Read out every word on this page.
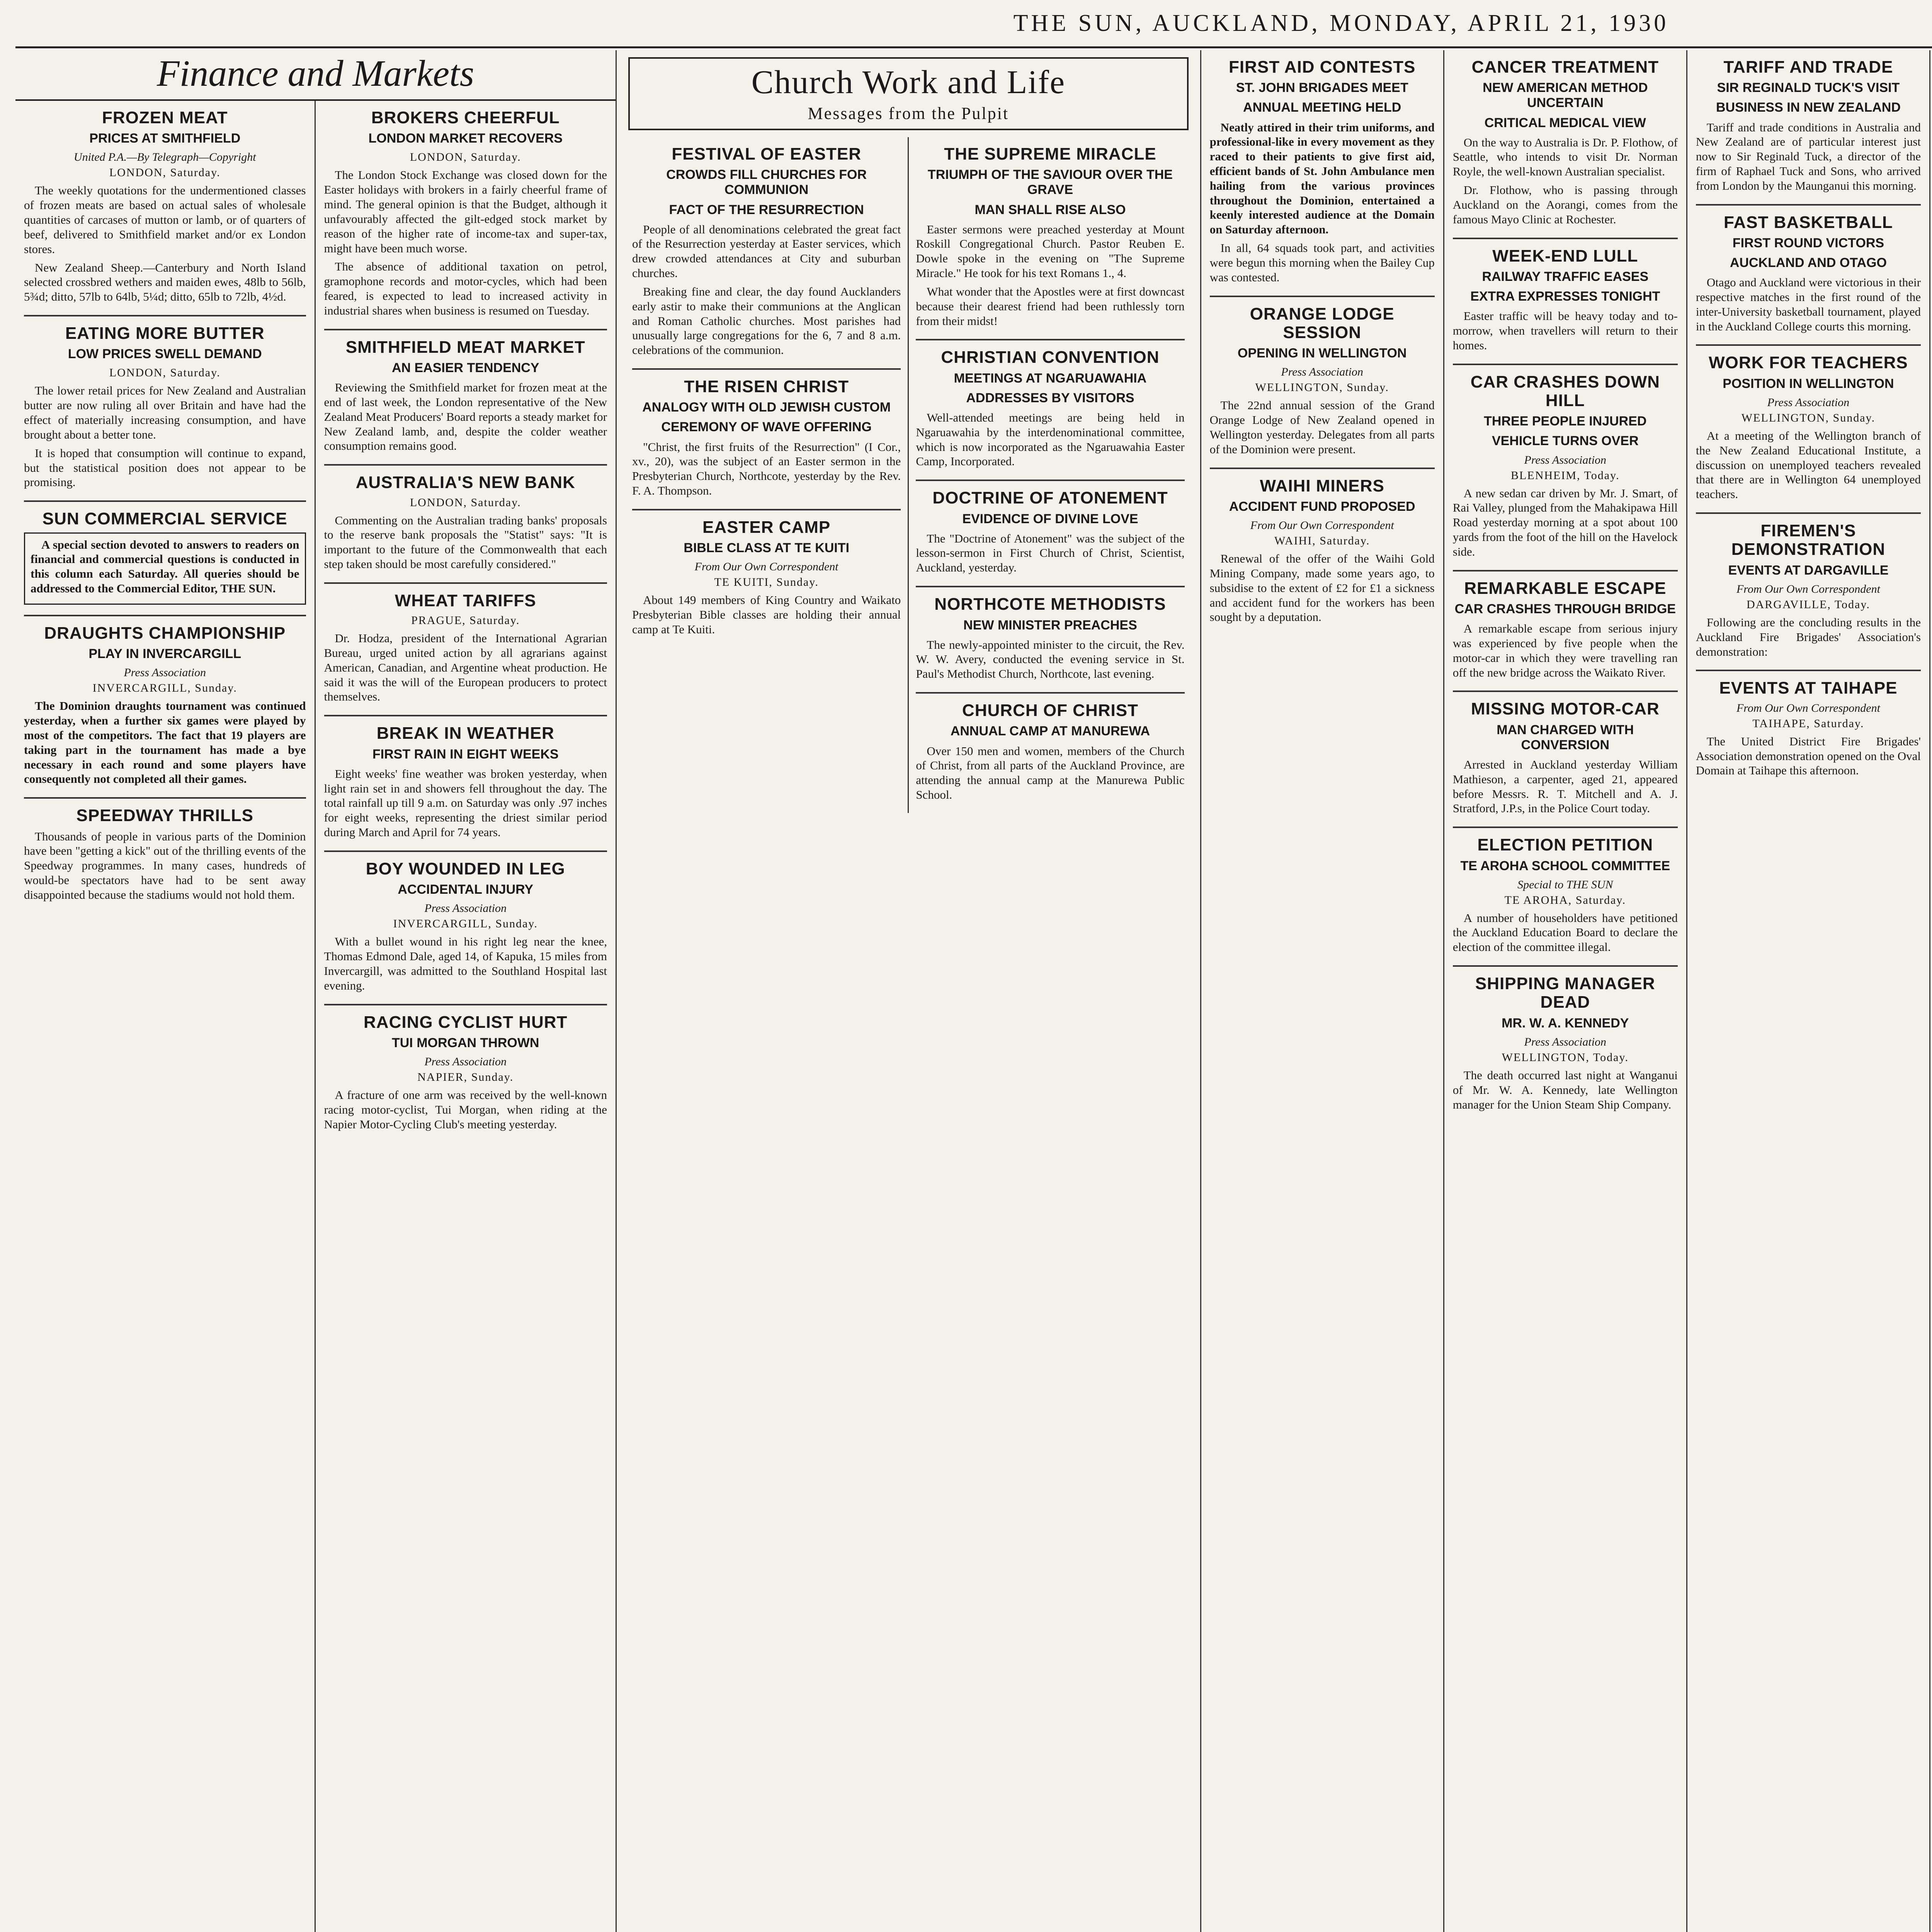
THE SUN, AUCKLAND, MONDAY, APRIL 21, 1930
Finance and Markets
FROZEN MEAT
PRICES AT SMITHFIELD
United P.A.—By Telegraph—Copyright
LONDON, Saturday.

The weekly quotations for the undermentioned classes of frozen meats are based on actual sales of wholesale quantities of carcases of mutton or lamb, or of quarters of beef, delivered to Smithfield market and/or ex London stores.

New Zealand Sheep.—Canterbury and North Island selected crossbred wethers and maiden ewes, 48lb to 56lb, 5¾d; ditto, 57lb to 64lb, 5¼d; ditto, 65lb to 72lb, 4½d.

EATING MORE BUTTER
LOW PRICES SWELL DEMAND
LONDON, Saturday.

The lower retail prices for New Zealand and Australian butter are now ruling all over Britain and have had the effect of materially increasing consumption, and have brought about a better tone.

It is hoped that consumption will continue to expand, but the statistical position does not appear to be promising.

SUN COMMERCIAL SERVICE

A special section devoted to answers to readers on financial and commercial questions is conducted in this column each Saturday. All queries should be addressed to the Commercial Editor, THE SUN.

DRAUGHTS CHAMPIONSHIP
PLAY IN INVERCARGILL
Press Association
INVERCARGILL, Sunday.

The Dominion draughts tournament was continued yesterday, when a further six games were played by most of the competitors. The fact that 19 players are taking part in the tournament has made a bye necessary in each round and some players have consequently not completed all their games.

SPEEDWAY THRILLS

Thousands of people in various parts of the Dominion have been "getting a kick" out of the thrilling events of the Speedway programmes. In many cases, hundreds of would-be spectators have had to be sent away disappointed because the stadiums would not hold them.

BROKERS CHEERFUL
LONDON MARKET RECOVERS
LONDON, Saturday.

The London Stock Exchange was closed down for the Easter holidays with brokers in a fairly cheerful frame of mind. The general opinion is that the Budget, although it unfavourably affected the gilt-edged stock market by reason of the higher rate of income-tax and super-tax, might have been much worse.

The absence of additional taxation on petrol, gramophone records and motor-cycles, which had been feared, is expected to lead to increased activity in industrial shares when business is resumed on Tuesday.

SMITHFIELD MEAT MARKET
AN EASIER TENDENCY

Reviewing the Smithfield market for frozen meat at the end of last week, the London representative of the New Zealand Meat Producers' Board reports a steady market for New Zealand lamb, and, despite the colder weather consumption remains good.

AUSTRALIA'S NEW BANK
LONDON, Saturday.

Commenting on the Australian trading banks' proposals to the reserve bank proposals the "Statist" says: "It is important to the future of the Commonwealth that each step taken should be most carefully considered."

WHEAT TARIFFS
PRAGUE, Saturday.

Dr. Hodza, president of the International Agrarian Bureau, urged united action by all agrarians against American, Canadian, and Argentine wheat production. He said it was the will of the European producers to protect themselves.

BREAK IN WEATHER
FIRST RAIN IN EIGHT WEEKS

Eight weeks' fine weather was broken yesterday, when light rain set in and showers fell throughout the day. The total rainfall up till 9 a.m. on Saturday was only .97 inches for eight weeks, representing the driest similar period during March and April for 74 years.

BOY WOUNDED IN LEG
ACCIDENTAL INJURY
Press Association
INVERCARGILL, Sunday.

With a bullet wound in his right leg near the knee, Thomas Edmond Dale, aged 14, of Kapuka, 15 miles from Invercargill, was admitted to the Southland Hospital last evening.

RACING CYCLIST HURT
TUI MORGAN THROWN
Press Association
NAPIER, Sunday.

A fracture of one arm was received by the well-known racing motor-cyclist, Tui Morgan, when riding at the Napier Motor-Cycling Club's meeting yesterday.

Church Work and Life
Messages from the Pulpit
FESTIVAL OF EASTER
CROWDS FILL CHURCHES FOR COMMUNION
FACT OF THE RESURRECTION

People of all denominations celebrated the great fact of the Resurrection yesterday at Easter services, which drew crowded attendances at City and suburban churches.

Breaking fine and clear, the day found Aucklanders early astir to make their communions at the Anglican and Roman Catholic churches. Most parishes had unusually large congregations for the 6, 7 and 8 a.m. celebrations of the communion.

THE RISEN CHRIST
ANALOGY WITH OLD JEWISH CUSTOM
CEREMONY OF WAVE OFFERING

"Christ, the first fruits of the Resurrection" (I Cor., xv., 20), was the subject of an Easter sermon in the Presbyterian Church, Northcote, yesterday by the Rev. F. A. Thompson.

EASTER CAMP
BIBLE CLASS AT TE KUITI
From Our Own Correspondent
TE KUITI, Sunday.

About 149 members of King Country and Waikato Presbyterian Bible classes are holding their annual camp at Te Kuiti.

THE SUPREME MIRACLE
TRIUMPH OF THE SAVIOUR OVER THE GRAVE
MAN SHALL RISE ALSO

Easter sermons were preached yesterday at Mount Roskill Congregational Church. Pastor Reuben E. Dowle spoke in the evening on "The Supreme Miracle." He took for his text Romans 1., 4.

What wonder that the Apostles were at first downcast because their dearest friend had been ruthlessly torn from their midst!

CHRISTIAN CONVENTION
MEETINGS AT NGARUAWAHIA
ADDRESSES BY VISITORS

Well-attended meetings are being held in Ngaruawahia by the interdenominational committee, which is now incorporated as the Ngaruawahia Easter Camp, Incorporated.

DOCTRINE OF ATONEMENT
EVIDENCE OF DIVINE LOVE

The "Doctrine of Atonement" was the subject of the lesson-sermon in First Church of Christ, Scientist, Auckland, yesterday.

NORTHCOTE METHODISTS
NEW MINISTER PREACHES

The newly-appointed minister to the circuit, the Rev. W. W. Avery, conducted the evening service in St. Paul's Methodist Church, Northcote, last evening.

CHURCH OF CHRIST
ANNUAL CAMP AT MANUREWA

Over 150 men and women, members of the Church of Christ, from all parts of the Auckland Province, are attending the annual camp at the Manurewa Public School.

FIRST AID CONTESTS
ST. JOHN BRIGADES MEET
ANNUAL MEETING HELD

Neatly attired in their trim uniforms, and professional-like in every movement as they raced to their patients to give first aid, efficient bands of St. John Ambulance men hailing from the various provinces throughout the Dominion, entertained a keenly interested audience at the Domain on Saturday afternoon.

In all, 64 squads took part, and activities were begun this morning when the Bailey Cup was contested.

ORANGE LODGE SESSION
OPENING IN WELLINGTON
Press Association
WELLINGTON, Sunday.

The 22nd annual session of the Grand Orange Lodge of New Zealand opened in Wellington yesterday. Delegates from all parts of the Dominion were present.

WAIHI MINERS
ACCIDENT FUND PROPOSED
From Our Own Correspondent
WAIHI, Saturday.

Renewal of the offer of the Waihi Gold Mining Company, made some years ago, to subsidise to the extent of £2 for £1 a sickness and accident fund for the workers has been sought by a deputation.

CANCER TREATMENT
NEW AMERICAN METHOD UNCERTAIN
CRITICAL MEDICAL VIEW

On the way to Australia is Dr. P. Flothow, of Seattle, who intends to visit Dr. Norman Royle, the well-known Australian specialist.

Dr. Flothow, who is passing through Auckland on the Aorangi, comes from the famous Mayo Clinic at Rochester.

WEEK-END LULL
RAILWAY TRAFFIC EASES
EXTRA EXPRESSES TONIGHT

Easter traffic will be heavy today and to-morrow, when travellers will return to their homes.

CAR CRASHES DOWN HILL
THREE PEOPLE INJURED
VEHICLE TURNS OVER
Press Association
BLENHEIM, Today.

A new sedan car driven by Mr. J. Smart, of Rai Valley, plunged from the Mahakipawa Hill Road yesterday morning at a spot about 100 yards from the foot of the hill on the Havelock side.

REMARKABLE ESCAPE
CAR CRASHES THROUGH BRIDGE

A remarkable escape from serious injury was experienced by five people when the motor-car in which they were travelling ran off the new bridge across the Waikato River.

MISSING MOTOR-CAR
MAN CHARGED WITH CONVERSION

Arrested in Auckland yesterday William Mathieson, a carpenter, aged 21, appeared before Messrs. R. T. Mitchell and A. J. Stratford, J.P.s, in the Police Court today.

ELECTION PETITION
TE AROHA SCHOOL COMMITTEE
Special to THE SUN
TE AROHA, Saturday.

A number of householders have petitioned the Auckland Education Board to declare the election of the committee illegal.

SHIPPING MANAGER DEAD
MR. W. A. KENNEDY
Press Association
WELLINGTON, Today.

The death occurred last night at Wanganui of Mr. W. A. Kennedy, late Wellington manager for the Union Steam Ship Company.

TARIFF AND TRADE
SIR REGINALD TUCK'S VISIT
BUSINESS IN NEW ZEALAND

Tariff and trade conditions in Australia and New Zealand are of particular interest just now to Sir Reginald Tuck, a director of the firm of Raphael Tuck and Sons, who arrived from London by the Maunganui this morning.

FAST BASKETBALL
FIRST ROUND VICTORS
AUCKLAND AND OTAGO

Otago and Auckland were victorious in their respective matches in the first round of the inter-University basketball tournament, played in the Auckland College courts this morning.

WORK FOR TEACHERS
POSITION IN WELLINGTON
Press Association
WELLINGTON, Sunday.

At a meeting of the Wellington branch of the New Zealand Educational Institute, a discussion on unemployed teachers revealed that there are in Wellington 64 unemployed teachers.

FIREMEN'S DEMONSTRATION
EVENTS AT DARGAVILLE
From Our Own Correspondent
DARGAVILLE, Today.

Following are the concluding results in the Auckland Fire Brigades' Association's demonstration:

EVENTS AT TAIHAPE
From Our Own Correspondent
TAIHAPE, Saturday.

The United District Fire Brigades' Association demonstration opened on the Oval Domain at Taihape this afternoon.
